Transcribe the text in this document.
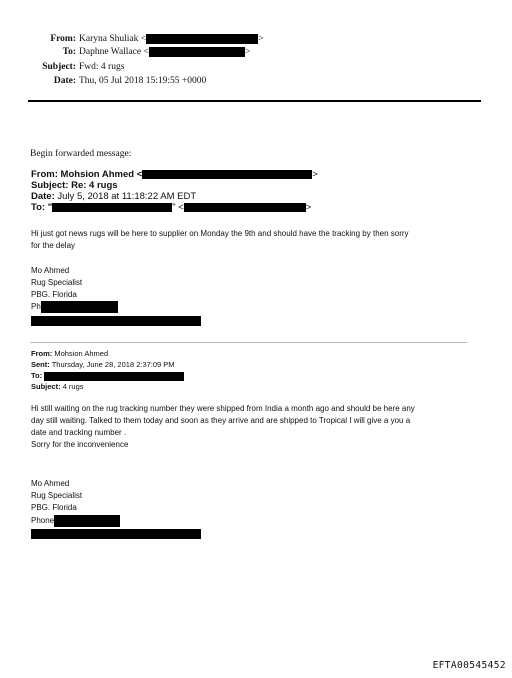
From: Karyna Shuliak <	>
To: Daphne Wallace <	>
Subject: Fwd: 4 rugs
Date: Thu, 05 Jul 2018 15:19:55 +0000
Begin forwarded message:
From: Mohsion Ahmed <	>
Subject: Re: 4 rugs
Date: July 5, 2018 at 11:18:22 AM EDT
To: "	" <	>
Hi just got news rugs will be here to supplier on Monday the 9th and should have the tracking by then sorry
for the delay
Mo Ahmed
Rug Specialist
PBG. Florida
Ph
From: Mohsion Ahmed
Sent: Thursday, June 28, 2018 2:37:09 PM
To:
Subject: 4 rugs
Hi still waiting on the rug tracking number they were shipped from India a month ago and should be here any
day still waiting. Talked to them today and soon as they arrive and are shipped to Tropical I will give a you a
date and tracking number .
Sorry for the inconvenience
Mo Ahmed
Rug Specialist
PBG. Florida
Phone
EFTA00545452
